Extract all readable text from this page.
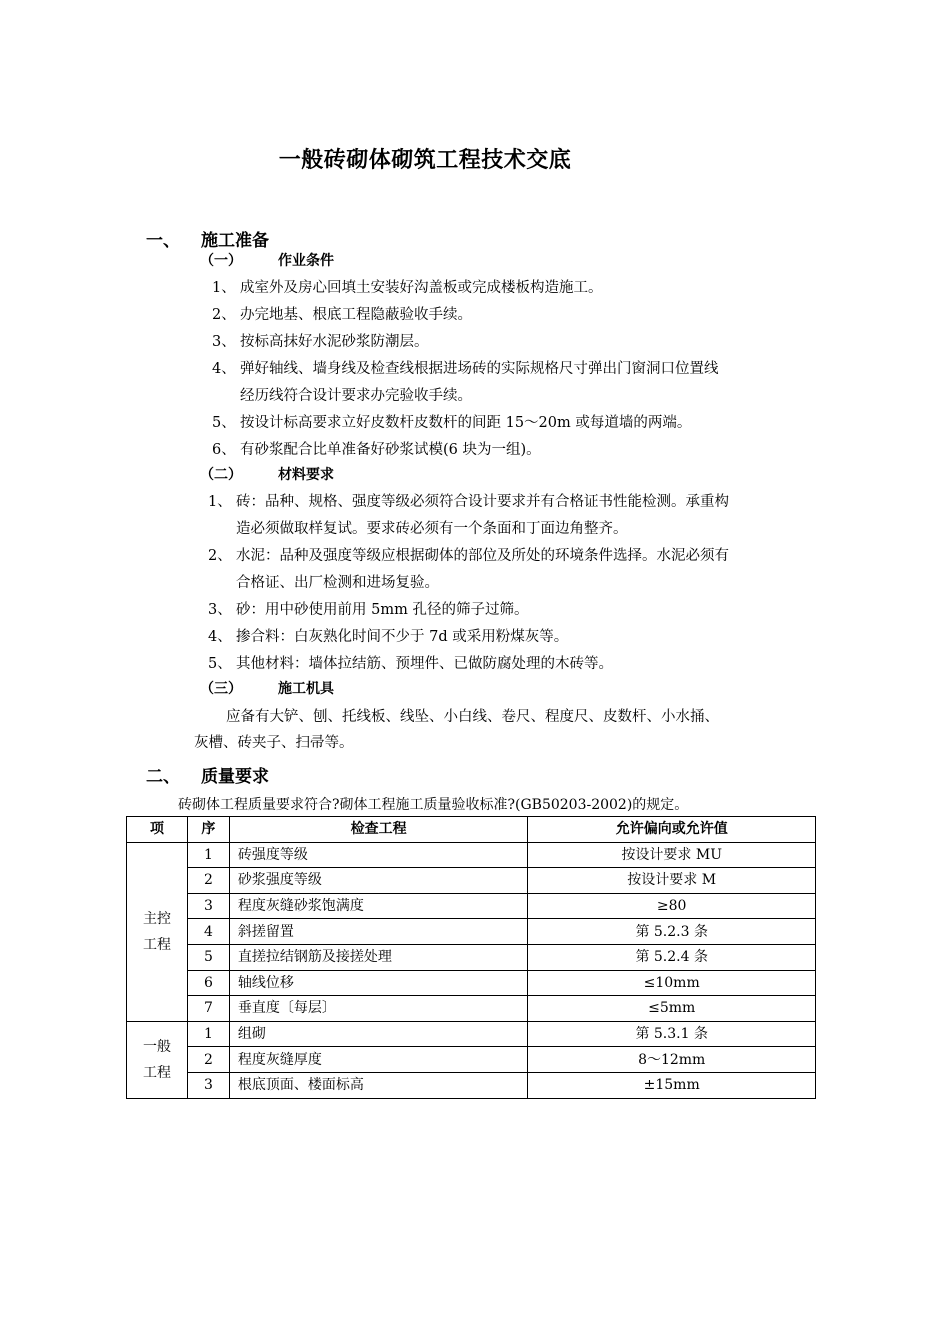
一般砖砌体砌筑工程技术交底
一、 施工准备
（一）	作业条件
1、 成室外及房心回填土安装好沟盖板或完成楼板构造施工。
2、 办完地基、根底工程隐蔽验收手续。
3、 按标高抹好水泥砂浆防潮层。
4、 弹好轴线、墙身线及检查线根据进场砖的实际规格尺寸弹出门窗洞口位置线
经历线符合设计要求办完验收手续。
5、 按设计标高要求立好皮数杆皮数杆的间距 15～20m 或每道墙的两端。
6、 有砂浆配合比单准备好砂浆试模(6 块为一组)。
（二）	材料要求
1、 砖：品种、规格、强度等级必须符合设计要求并有合格证书性能检测。承重构
造必须做取样复试。要求砖必须有一个条面和丁面边角整齐。
2、 水泥：品种及强度等级应根据砌体的部位及所处的环境条件选择。水泥必须有
合格证、出厂检测和进场复验。
3、 砂：用中砂使用前用 5mm 孔径的筛子过筛。
4、 掺合料：白灰熟化时间不少于 7d 或采用粉煤灰等。
5、 其他材料：墙体拉结筋、预埋件、已做防腐处理的木砖等。
（三）	施工机具
应备有大铲、刨、托线板、线坠、小白线、卷尺、程度尺、皮数杆、小水捅、
灰槽、砖夹子、扫帚等。
二、 质量要求
砖砌体工程质量要求符合?砌体工程施工质量验收标准?(GB50203-2002)的规定。
项	序	检查工程	允许偏向或允许值

主控
工程	1	砖强度等级	按设计要求 MU
	2	砂浆强度等级	按设计要求 M
	3	程度灰缝砂浆饱满度	≥80
	4	斜搓留置	第 5.2.3 条
	5	直搓拉结钢筋及接搓处理	第 5.2.4 条
	6	轴线位移	≤10mm
	7	垂直度〔每层〕	≤5mm

一般
工程	1	组砌	第 5.3.1 条
	2	程度灰缝厚度	8～12mm
	3	根底顶面、楼面标高	±15mm
